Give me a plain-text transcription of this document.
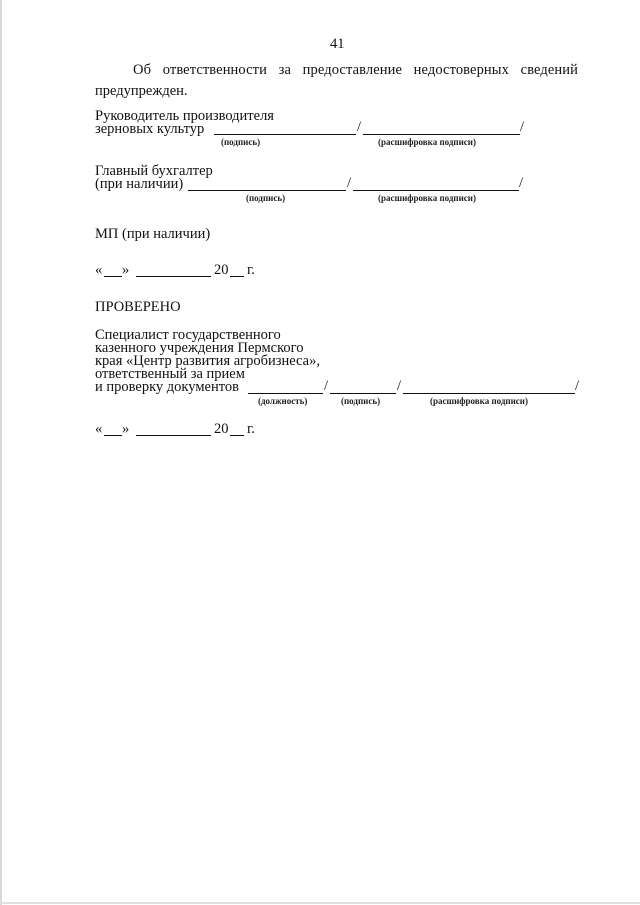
41
Об ответственности за предоставление недостоверных сведений
предупрежден.
Руководитель производителя
зерновых культур	/	/
(подпись)	(расшифровка подписи)
Главный бухгалтер
(при наличии)	/	/
(подпись)	(расшифровка подписи)
МП (при наличии)
« »	20 г.
ПРОВЕРЕНО
Специалист государственного
казенного учреждения Пермского
края «Центр развития агробизнеса»,
ответственный за прием
и проверку документов	/	/	/
(должность)	(подпись)	(расшифровка подписи)
« »	20 г.
